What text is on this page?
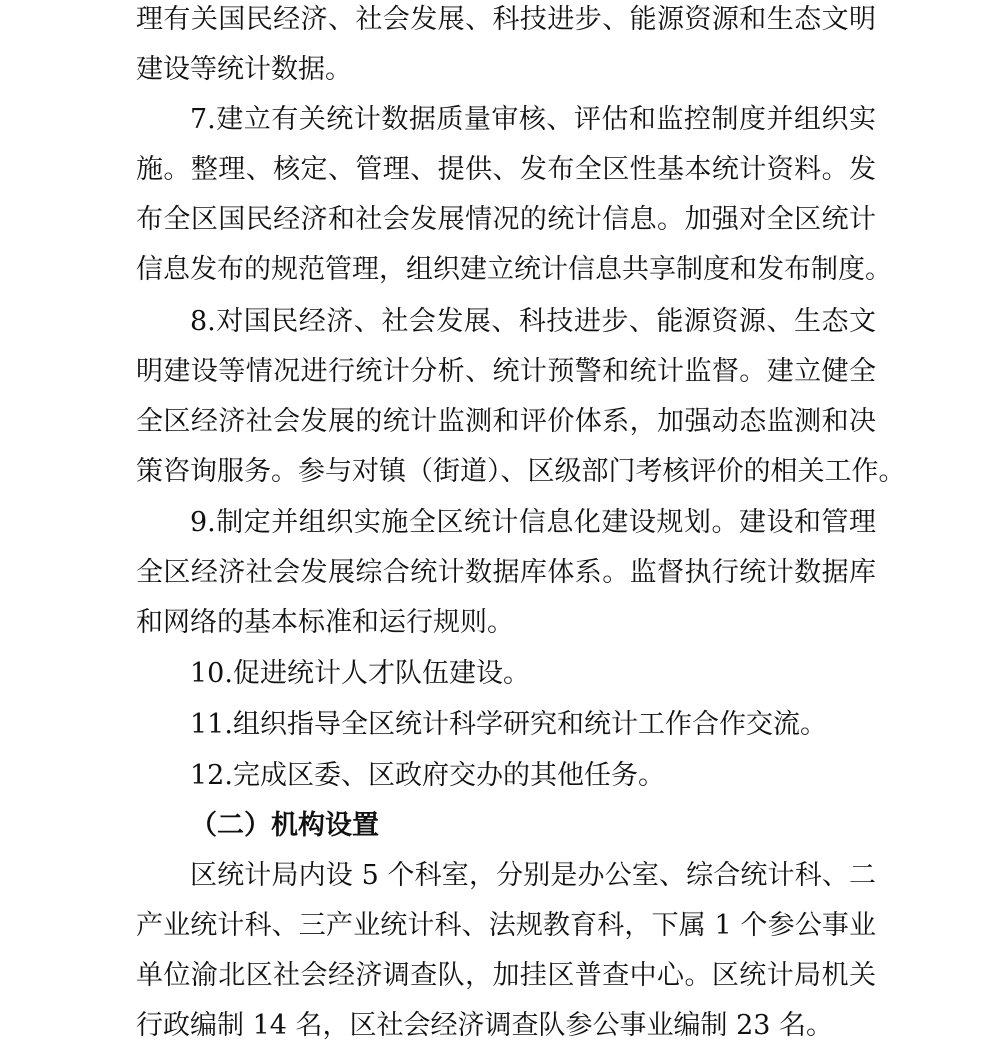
理有关国民经济、社会发展、科技进步、能源资源和生态文明
建设等统计数据。
7.建立有关统计数据质量审核、评估和监控制度并组织实
施。整理、核定、管理、提供、发布全区性基本统计资料。发
布全区国民经济和社会发展情况的统计信息。加强对全区统计
信息发布的规范管理，组织建立统计信息共享制度和发布制度。
8.对国民经济、社会发展、科技进步、能源资源、生态文
明建设等情况进行统计分析、统计预警和统计监督。建立健全
全区经济社会发展的统计监测和评价体系，加强动态监测和决
策咨询服务。参与对镇（街道）、区级部门考核评价的相关工作。
9.制定并组织实施全区统计信息化建设规划。建设和管理
全区经济社会发展综合统计数据库体系。监督执行统计数据库
和网络的基本标准和运行规则。
10.促进统计人才队伍建设。
11.组织指导全区统计科学研究和统计工作合作交流。
12.完成区委、区政府交办的其他任务。
（二）机构设置
区统计局内设 5 个科室，分别是办公室、综合统计科、二
产业统计科、三产业统计科、法规教育科，下属 1 个参公事业
单位渝北区社会经济调查队，加挂区普查中心。区统计局机关
行政编制 14 名，区社会经济调查队参公事业编制 23 名。
